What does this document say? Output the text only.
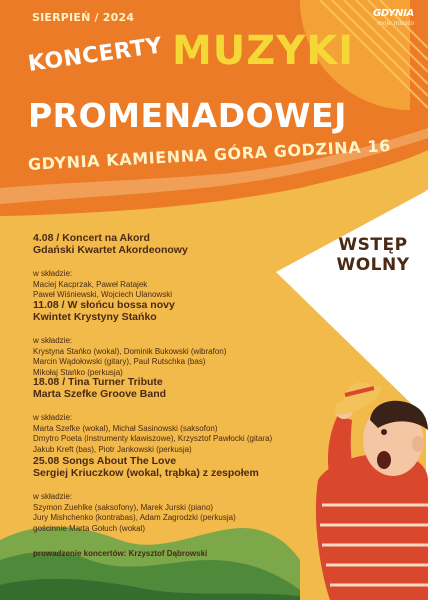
SIERPIEŃ / 2024	GDYNIA
moje miasto
KONCERTY MUZYKI
PROMENADOWEJ
GDYNIA KAMIENNA GÓRA GODZINA 16
WSTĘP
WOLNY
4.08 / Koncert na Akord
Gdański Kwartet Akordeonowy
w składzie:
Maciej Kacprzak, Paweł Ratajek
Paweł Wiśniewski, Wojciech Ulanowski
11.08 / W słońcu bossa novy
Kwintet Krystyny Stańko
w składzie:
Krystyna Stańko (wokal), Dominik Bukowski (wibrafon)
Marcin Wądołowski (gitary), Paul Rutschka (bas)
Mikołaj Stańko (perkusja)
18.08 / Tina Turner Tribute
Marta Szefke Groove Band
w składzie:
Marta Szefke (wokal), Michał Sasinowski (saksofon)
Dmytro Poeta (instrumenty klawiszowe), Krzysztof Pawłocki (gitara)
Jakub Kreft (bas), Piotr Jankowski (perkusja)
25.08 Songs About The Love
Sergiej Kriuczkow (wokal, trąbka) z zespołem
w składzie:
Szymon Zuehlke (saksofony), Marek Jurski (piano)
Jury Mishchenko (kontrabas), Adam Zagrodzki (perkusja)
gościnnie Marta Gołuch (wokal)
prowadzenie koncertów: Krzysztof Dąbrowski
